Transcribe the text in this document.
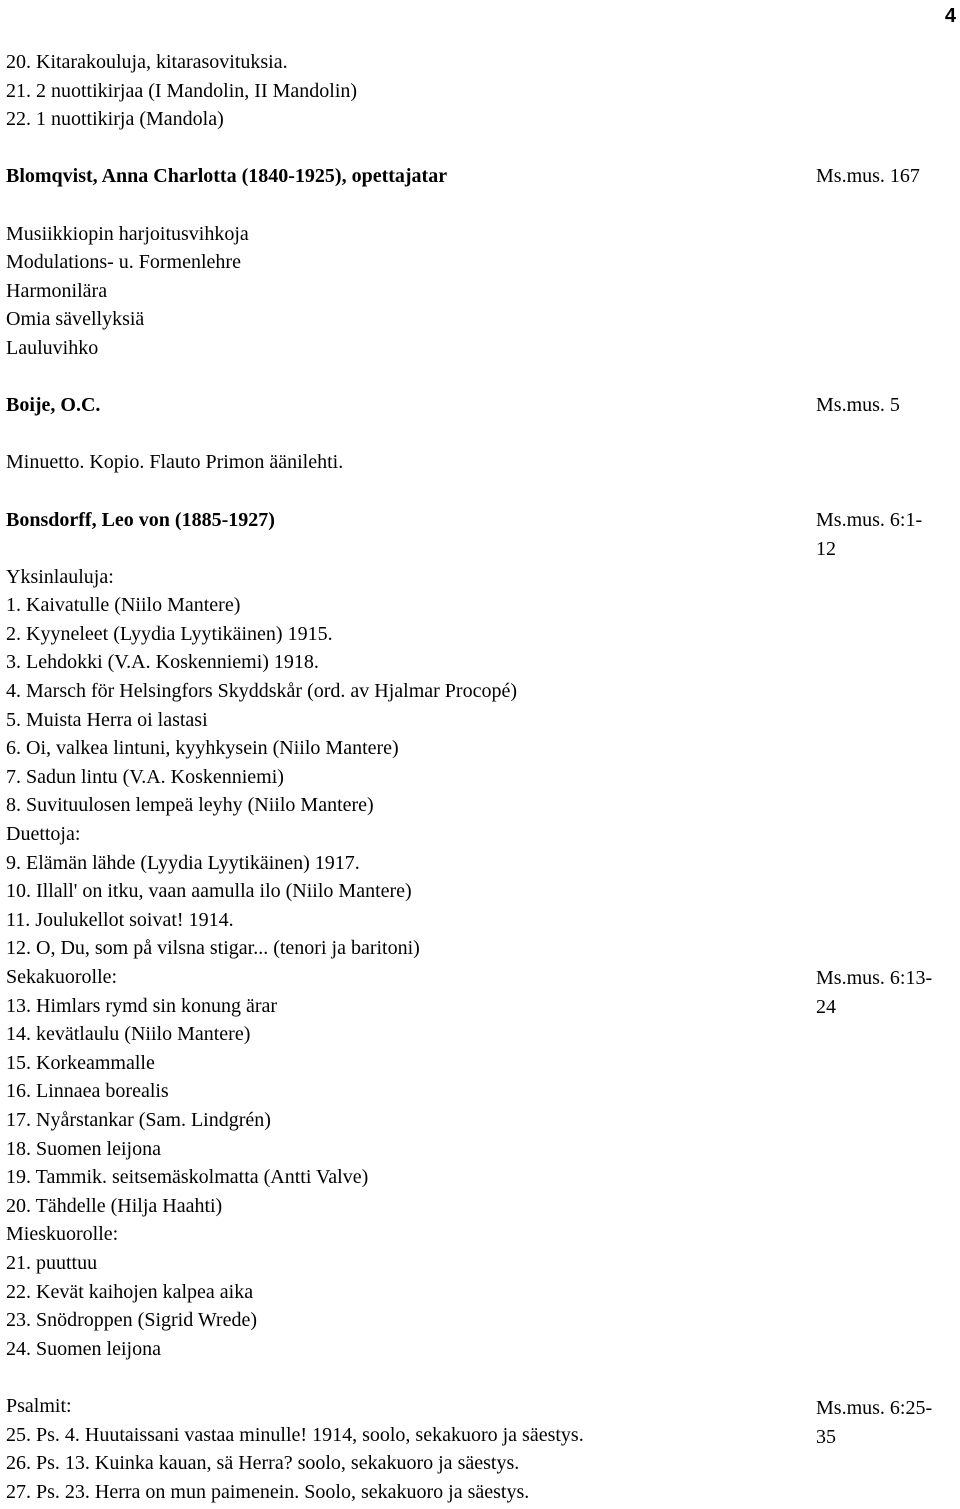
4
20. Kitarakouluja, kitarasovituksia.
21. 2 nuottikirjaa (I Mandolin, II Mandolin)
22. 1 nuottikirja (Mandola)
Blomqvist, Anna Charlotta (1840-1925), opettajatar
Musiikkiopin harjoitusvihkoja
Modulations- u. Formenlehre
Harmonilära
Omia sävellyksiä
Lauluvihko
Boije, O.C.
Minuetto. Kopio. Flauto Primon äänilehti.
Bonsdorff, Leo von (1885-1927)
Yksinlauluja:
1. Kaivatulle (Niilo Mantere)
2. Kyyneleet (Lyydia Lyytikäinen) 1915.
3. Lehdokki (V.A. Koskenniemi) 1918.
4. Marsch för Helsingfors Skyddskår (ord. av Hjalmar Procopé)
5. Muista Herra oi lastasi
6. Oi, valkea lintuni, kyyhkysein (Niilo Mantere)
7. Sadun lintu (V.A. Koskenniemi)
8. Suvituulosen lempeä leyhy (Niilo Mantere)
Duettoja:
9. Elämän lähde (Lyydia Lyytikäinen) 1917.
10. Illall' on itku, vaan aamulla ilo (Niilo Mantere)
11. Joulukellot soivat! 1914.
12. O, Du, som på vilsna stigar... (tenori ja baritoni)
Sekakuorolle:
13. Himlars rymd sin konung ärar
14. kevätlaulu (Niilo Mantere)
15. Korkeammalle
16. Linnaea borealis
17. Nyårstankar (Sam. Lindgrén)
18. Suomen leijona
19. Tammik. seitsemäskolmatta (Antti Valve)
20. Tähdelle (Hilja Haahti)
Mieskuorolle:
21. puuttuu
22. Kevät kaihojen kalpea aika
23. Snödroppen (Sigrid Wrede)
24. Suomen leijona
Psalmit:
25. Ps. 4. Huutaissani vastaa minulle! 1914, soolo, sekakuoro ja säestys.
26. Ps. 13. Kuinka kauan, sä Herra? soolo, sekakuoro ja säestys.
27. Ps. 23. Herra on mun paimenein. Soolo, sekakuoro ja säestys.
Ms.mus. 167
Ms.mus. 5
Ms.mus. 6:1-
12
Ms.mus. 6:13-
24
Ms.mus. 6:25-
35
